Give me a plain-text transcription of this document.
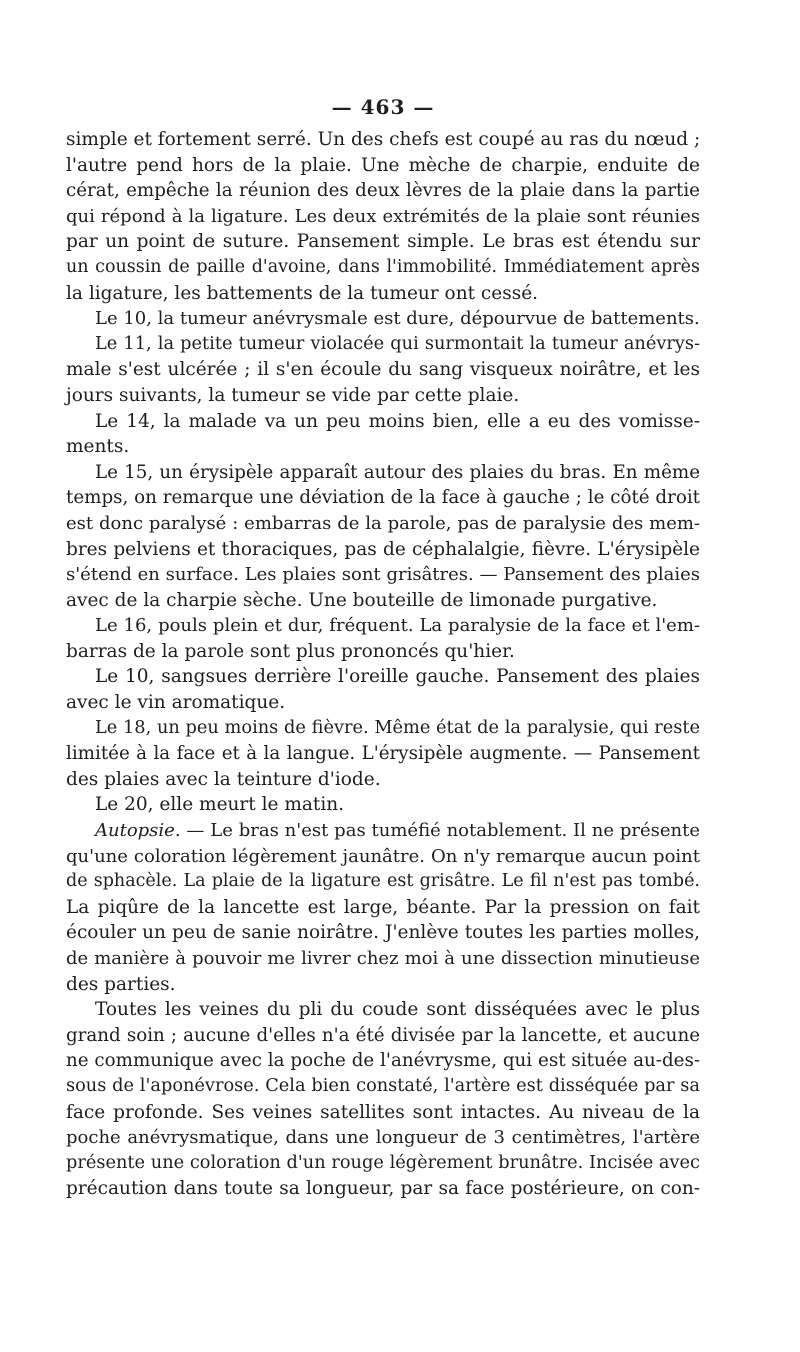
— 463 —
simple et fortement serré. Un des chefs est coupé au ras du nœud ;
l'autre pend hors de la plaie. Une mèche de charpie, enduite de
cérat, empêche la réunion des deux lèvres de la plaie dans la partie
qui répond à la ligature. Les deux extrémités de la plaie sont réunies
par un point de suture. Pansement simple. Le bras est étendu sur
un coussin de paille d'avoine, dans l'immobilité. Immédiatement après
la ligature, les battements de la tumeur ont cessé.
Le 10, la tumeur anévrysmale est dure, dépourvue de battements.
Le 11, la petite tumeur violacée qui surmontait la tumeur anévrys-
male s'est ulcérée ; il s'en écoule du sang visqueux noirâtre, et les
jours suivants, la tumeur se vide par cette plaie.
Le 14, la malade va un peu moins bien, elle a eu des vomisse-
ments.
Le 15, un érysipèle apparaît autour des plaies du bras. En même
temps, on remarque une déviation de la face à gauche ; le côté droit
est donc paralysé : embarras de la parole, pas de paralysie des mem-
bres pelviens et thoraciques, pas de céphalalgie, fièvre. L'érysipèle
s'étend en surface. Les plaies sont grisâtres. — Pansement des plaies
avec de la charpie sèche. Une bouteille de limonade purgative.
Le 16, pouls plein et dur, fréquent. La paralysie de la face et l'em-
barras de la parole sont plus prononcés qu'hier.
Le 10, sangsues derrière l'oreille gauche. Pansement des plaies
avec le vin aromatique.
Le 18, un peu moins de fièvre. Même état de la paralysie, qui reste
limitée à la face et à la langue. L'érysipèle augmente. — Pansement
des plaies avec la teinture d'iode.
Le 20, elle meurt le matin.
Autopsie. — Le bras n'est pas tuméfié notablement. Il ne présente
qu'une coloration légèrement jaunâtre. On n'y remarque aucun point
de sphacèle. La plaie de la ligature est grisâtre. Le fil n'est pas tombé.
La piqûre de la lancette est large, béante. Par la pression on fait
écouler un peu de sanie noirâtre. J'enlève toutes les parties molles,
de manière à pouvoir me livrer chez moi à une dissection minutieuse
des parties.
Toutes les veines du pli du coude sont disséquées avec le plus
grand soin ; aucune d'elles n'a été divisée par la lancette, et aucune
ne communique avec la poche de l'anévrysme, qui est située au-des-
sous de l'aponévrose. Cela bien constaté, l'artère est disséquée par sa
face profonde. Ses veines satellites sont intactes. Au niveau de la
poche anévrysmatique, dans une longueur de 3 centimètres, l'artère
présente une coloration d'un rouge légèrement brunâtre. Incisée avec
précaution dans toute sa longueur, par sa face postérieure, on con-
